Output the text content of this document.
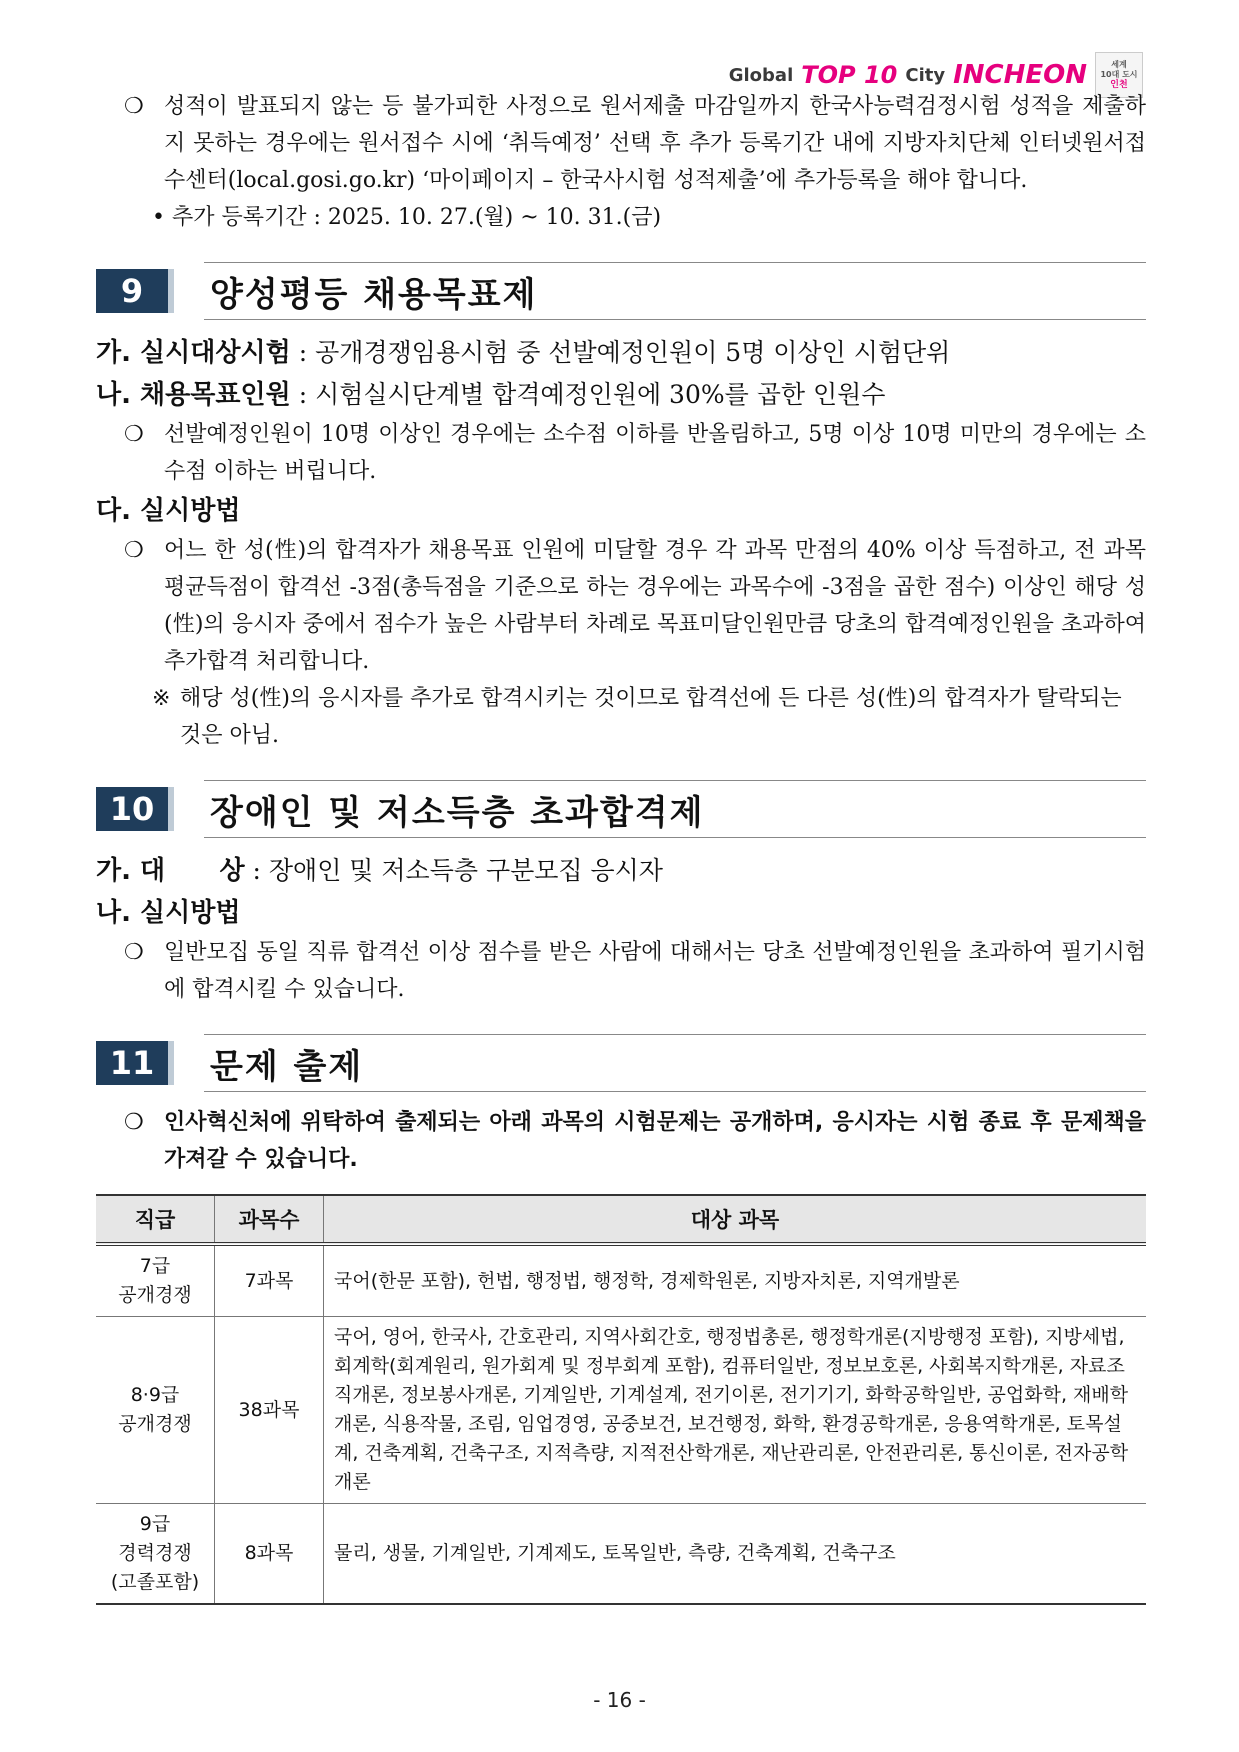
Global TOP 10 City INCHEON	세계
10대 도시
인천
❍ 성적이 발표되지 않는 등 불가피한 사정으로 원서제출 마감일까지 한국사능력검정시험 성적을 제출하지 못하는 경우에는 원서접수 시에 ‘취득예정’ 선택 후 추가 등록기간 내에 지방자치단체 인터넷원서접수센터(local.gosi.go.kr) ‘마이페이지 – 한국사시험 성적제출’에 추가등록을 해야 합니다.
• 추가 등록기간 : 2025. 10. 27.(월) ~ 10. 31.(금)
9	양성평등 채용목표제
가. 실시대상시험 : 공개경쟁임용시험 중 선발예정인원이 5명 이상인 시험단위
나. 채용목표인원 : 시험실시단계별 합격예정인원에 30%를 곱한 인원수
❍ 선발예정인원이 10명 이상인 경우에는 소수점 이하를 반올림하고, 5명 이상 10명 미만의 경우에는 소수점 이하는 버립니다.
다. 실시방법
❍ 어느 한 성(性)의 합격자가 채용목표 인원에 미달할 경우 각 과목 만점의 40% 이상 득점하고, 전 과목 평균득점이 합격선 -3점(총득점을 기준으로 하는 경우에는 과목수에 -3점을 곱한 점수) 이상인 해당 성(性)의 응시자 중에서 점수가 높은 사람부터 차례로 목표미달인원만큼 당초의 합격예정인원을 초과하여 추가합격 처리합니다.
※ 해당 성(性)의 응시자를 추가로 합격시키는 것이므로 합격선에 든 다른 성(性)의 합격자가 탈락되는 것은 아님.
10	장애인 및 저소득층 초과합격제
가. 대      상 : 장애인 및 저소득층 구분모집 응시자
나. 실시방법
❍ 일반모집 동일 직류 합격선 이상 점수를 받은 사람에 대해서는 당초 선발예정인원을 초과하여 필기시험에 합격시킬 수 있습니다.
11	문제 출제
❍ 인사혁신처에 위탁하여 출제되는 아래 과목의 시험문제는 공개하며, 응시자는 시험 종료 후 문제책을 가져갈 수 있습니다.
직급	과목수	대상 과목
7급
공개경쟁	7과목	국어(한문 포함), 헌법, 행정법, 행정학, 경제학원론, 지방자치론, 지역개발론
8·9급
공개경쟁	38과목	국어, 영어, 한국사, 간호관리, 지역사회간호, 행정법총론, 행정학개론(지방행정 포함), 지방세법, 회계학(회계원리, 원가회계 및 정부회계 포함), 컴퓨터일반, 정보보호론, 사회복지학개론, 자료조직개론, 정보봉사개론, 기계일반, 기계설계, 전기이론, 전기기기, 화학공학일반, 공업화학, 재배학개론, 식용작물, 조림, 임업경영, 공중보건, 보건행정, 화학, 환경공학개론, 응용역학개론, 토목설계, 건축계획, 건축구조, 지적측량, 지적전산학개론, 재난관리론, 안전관리론, 통신이론, 전자공학개론
9급
경력경쟁
(고졸포함)	8과목	물리, 생물, 기계일반, 기계제도, 토목일반, 측량, 건축계획, 건축구조
- 16 -
